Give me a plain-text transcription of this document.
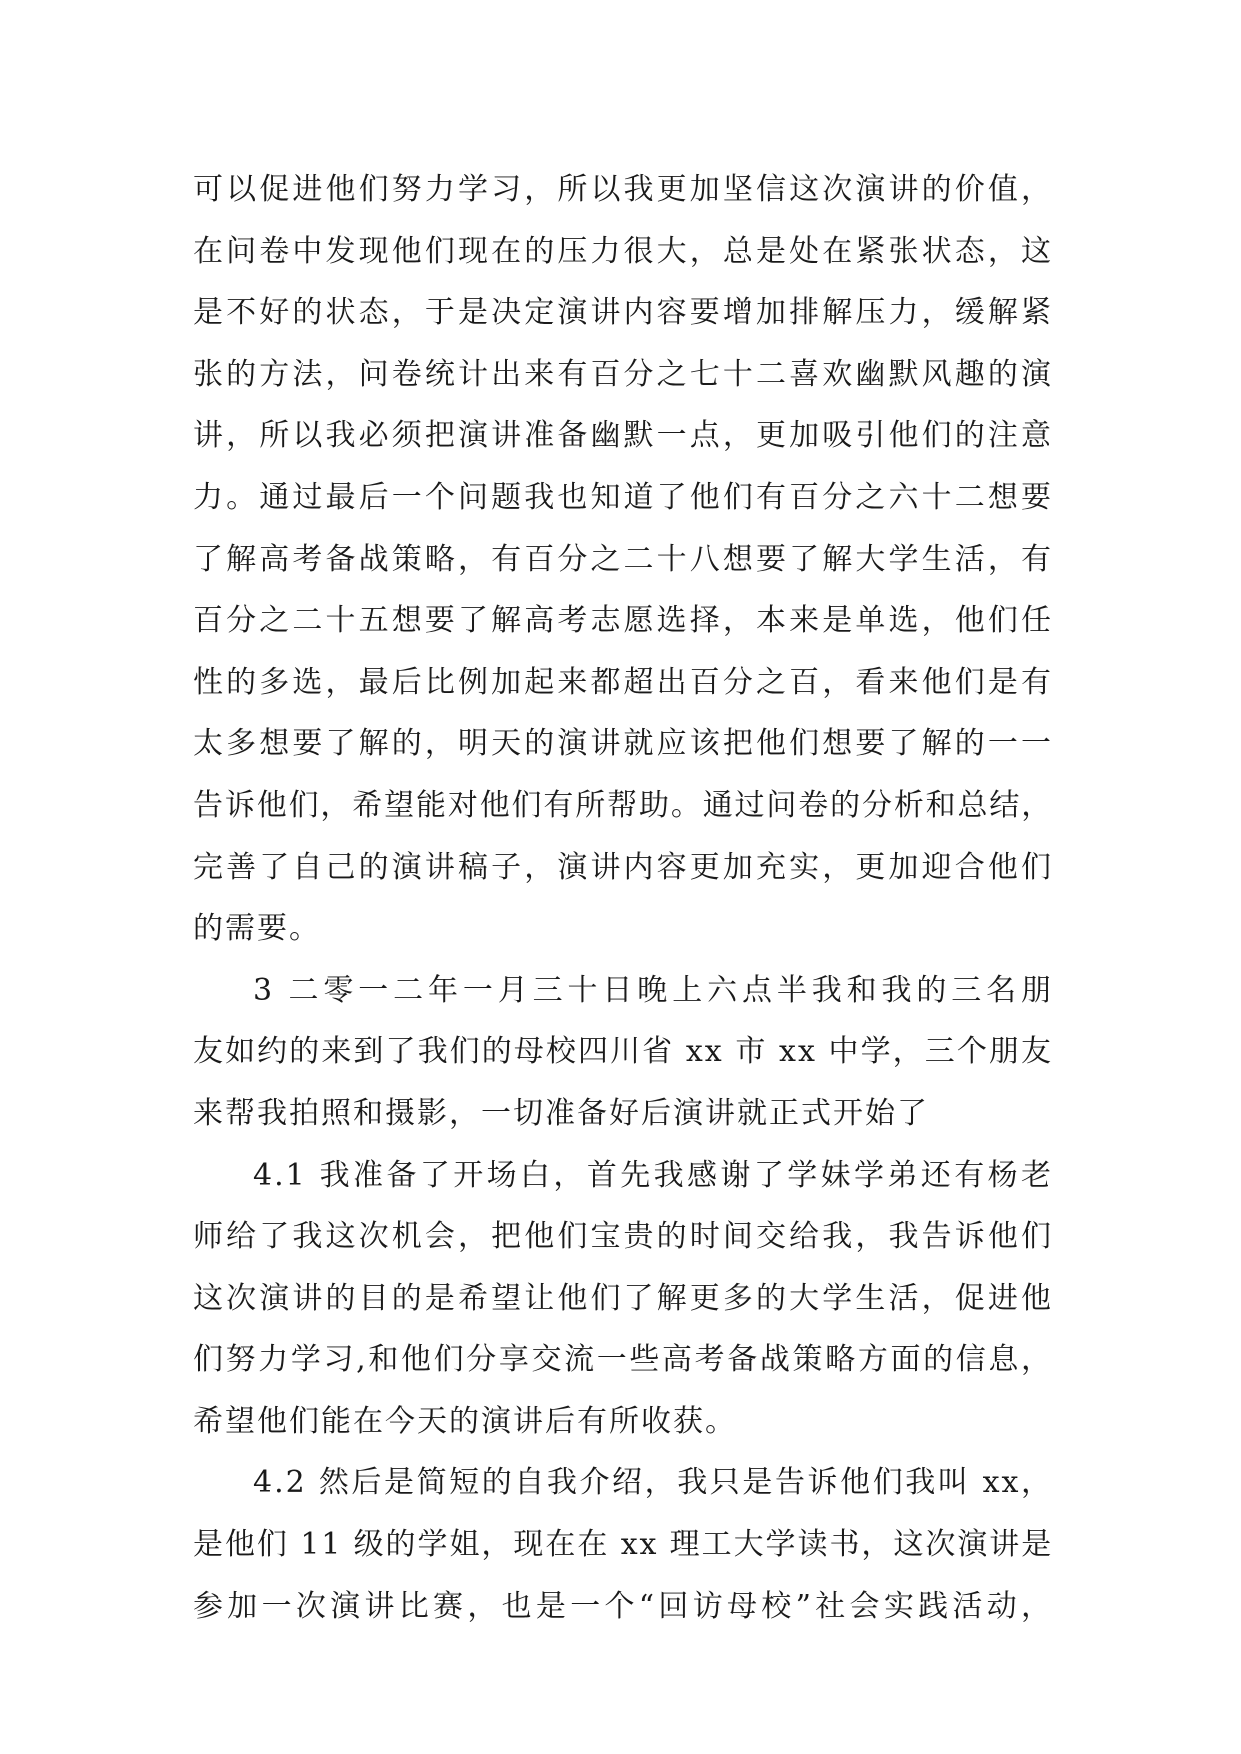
可以促进他们努力学习，所以我更加坚信这次演讲的价值，
在问卷中发现他们现在的压力很大，总是处在紧张状态，这
是不好的状态，于是决定演讲内容要增加排解压力，缓解紧
张的方法，问卷统计出来有百分之七十二喜欢幽默风趣的演
讲，所以我必须把演讲准备幽默一点，更加吸引他们的注意
力。通过最后一个问题我也知道了他们有百分之六十二想要
了解高考备战策略，有百分之二十八想要了解大学生活，有
百分之二十五想要了解高考志愿选择，本来是单选，他们任
性的多选，最后比例加起来都超出百分之百，看来他们是有
太多想要了解的，明天的演讲就应该把他们想要了解的一一
告诉他们，希望能对他们有所帮助。通过问卷的分析和总结，
完善了自己的演讲稿子，演讲内容更加充实，更加迎合他们
的需要。
3 二零一二年一月三十日晚上六点半我和我的三名朋
友如约的来到了我们的母校四川省 xx 市 xx 中学，三个朋友
来帮我拍照和摄影，一切准备好后演讲就正式开始了
4.1 我准备了开场白，首先我感谢了学妹学弟还有杨老
师给了我这次机会，把他们宝贵的时间交给我，我告诉他们
这次演讲的目的是希望让他们了解更多的大学生活，促进他
们努力学习,和他们分享交流一些高考备战策略方面的信息，
希望他们能在今天的演讲后有所收获。
4.2 然后是简短的自我介绍，我只是告诉他们我叫 xx，
是他们 11 级的学姐，现在在 xx 理工大学读书，这次演讲是
参加一次演讲比赛，也是一个“回访母校”社会实践活动，
